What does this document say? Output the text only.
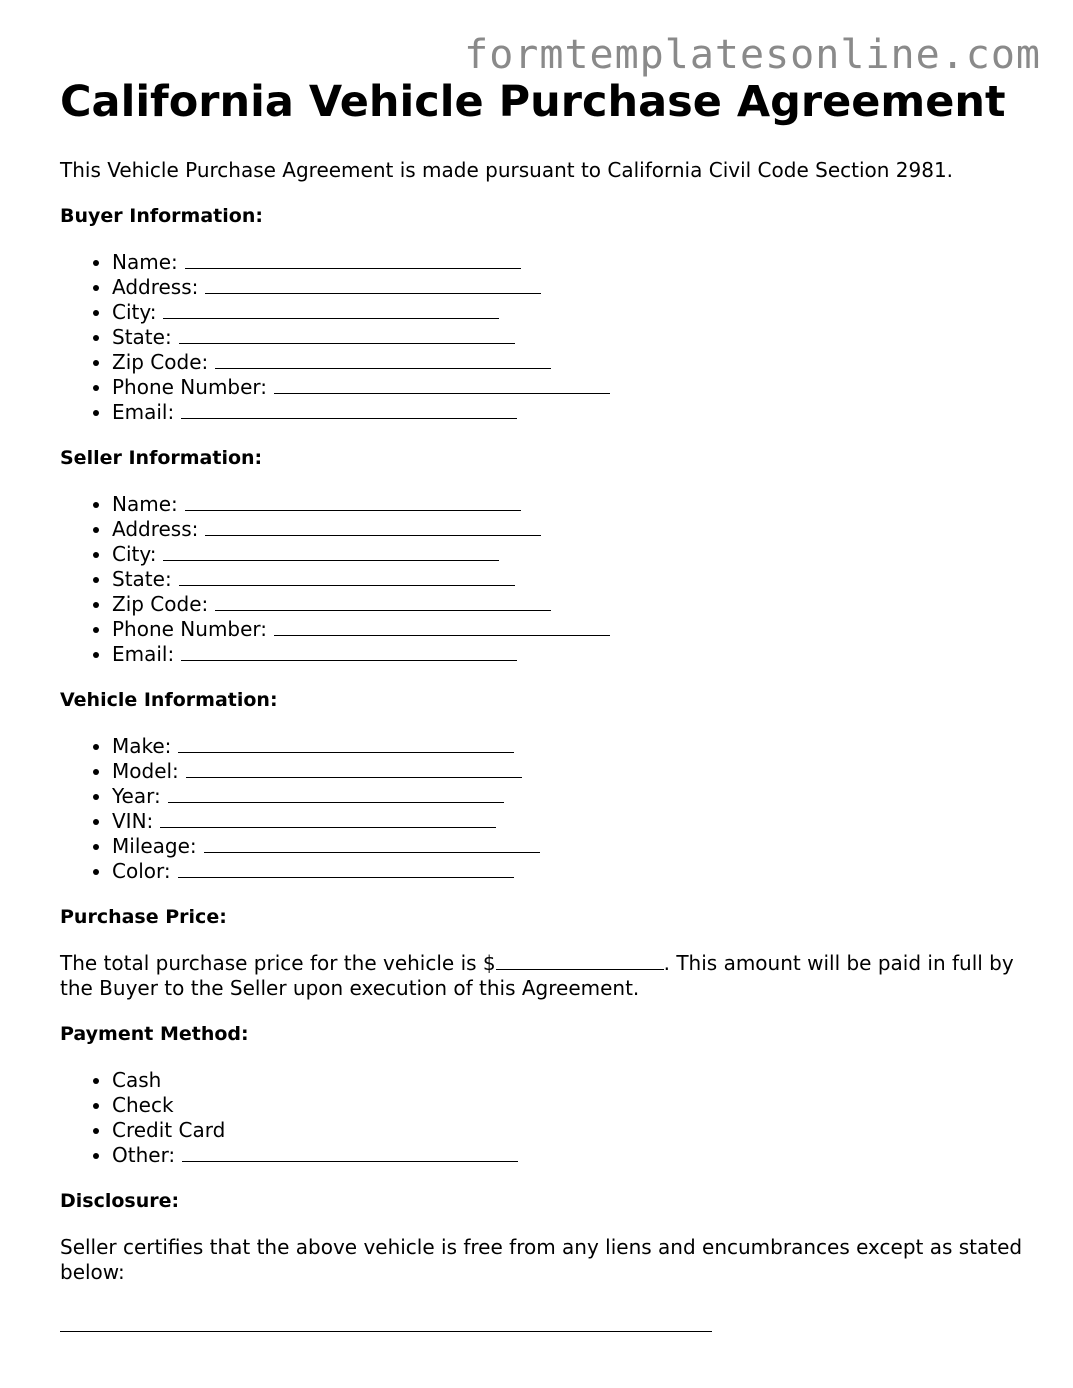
formtemplatesonline.com
California Vehicle Purchase Agreement

This Vehicle Purchase Agreement is made pursuant to California Civil Code Section 2981.

Buyer Information:
• Name:
• Address:
• City:
• State:
• Zip Code:
• Phone Number:
• Email:
Seller Information:
• Name:
• Address:
• City:
• State:
• Zip Code:
• Phone Number:
• Email:
Vehicle Information:
• Make:
• Model:
• Year:
• VIN:
• Mileage:
• Color:
Purchase Price:

The total purchase price for the vehicle is $	. This amount will be paid in full by the Buyer to the Seller upon execution of this Agreement.

Payment Method:
• Cash
• Check
• Credit Card
• Other:
Disclosure:

Seller certifies that the above vehicle is free from any liens and encumbrances except as stated below:
